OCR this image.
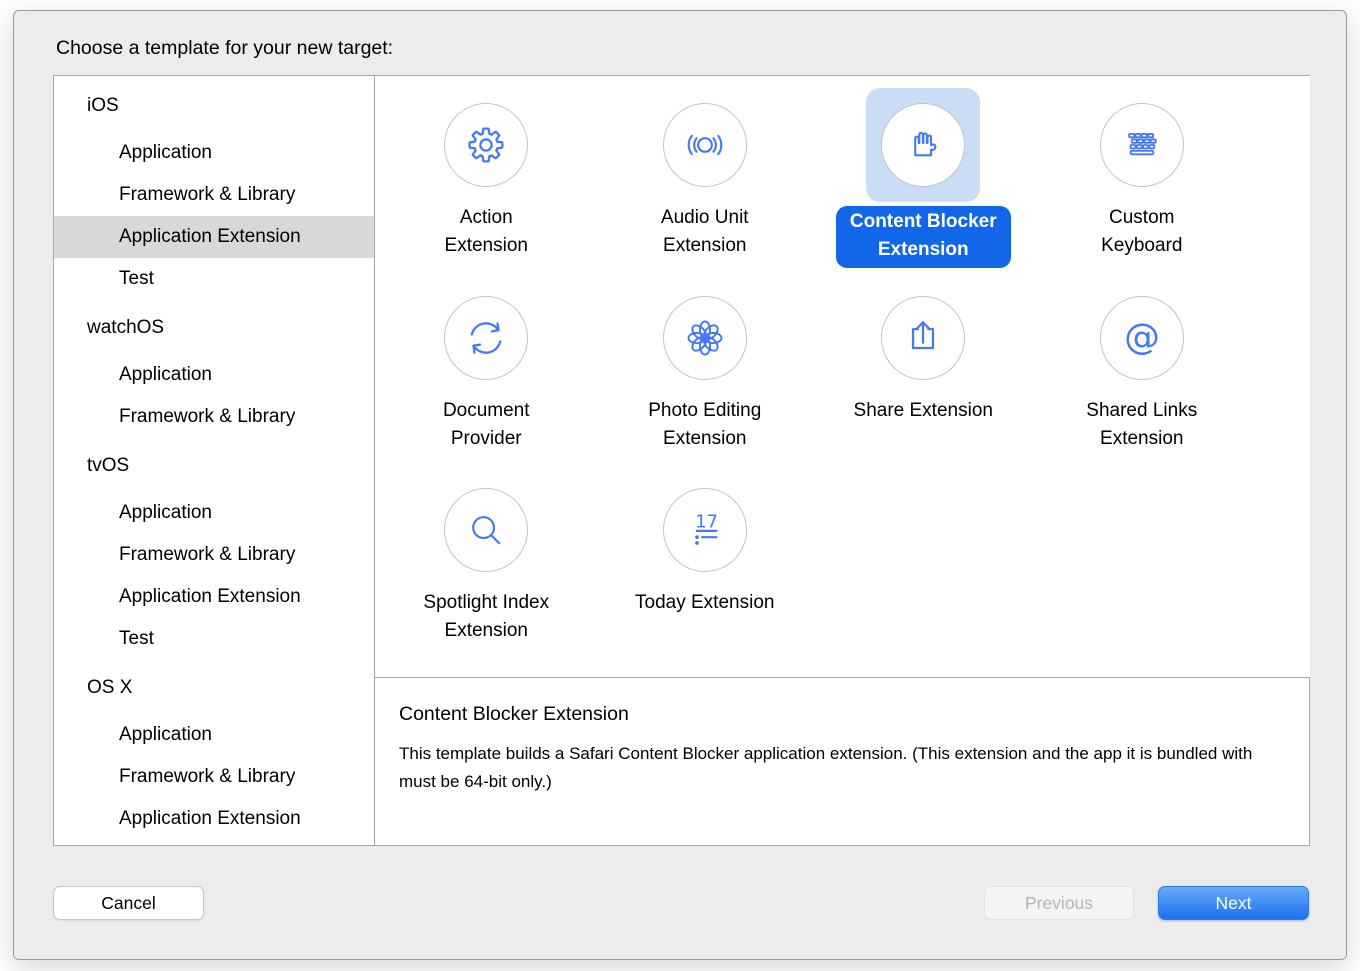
Choose a template for your new target:
iOS
Application
Framework & Library
Application Extension
Test
watchOS
Application
Framework & Library
tvOS
Application
Framework & Library
Application Extension
Test
OS X
Application
Framework & Library
Application Extension
Action
Extension
Audio Unit
Extension
Content Blocker
Extension
Custom
Keyboard
Document
Provider
Photo Editing
Extension
Share Extension
@
Shared Links
Extension
Spotlight Index
Extension
17
Today Extension
Content Blocker Extension
This template builds a Safari Content Blocker application extension. (This extension and the app it is bundled with must be 64-bit only.)
Cancel	Previous	Next
